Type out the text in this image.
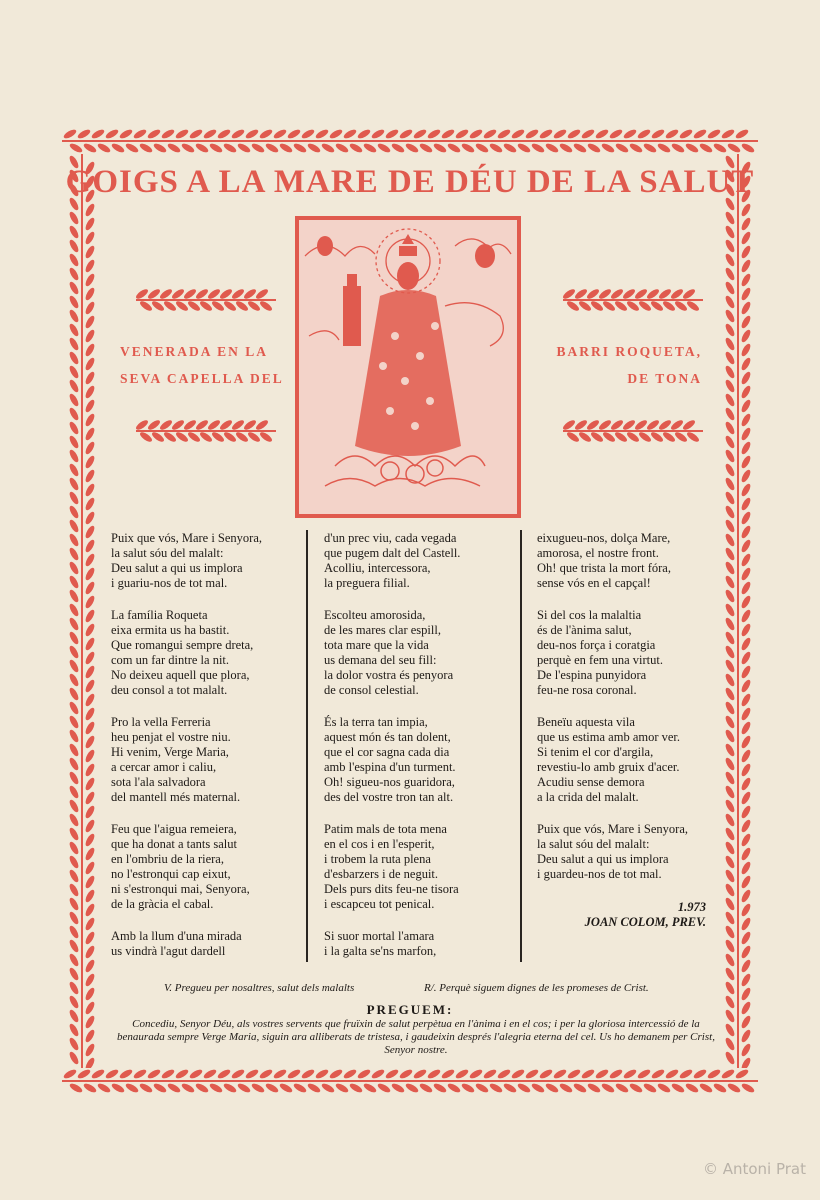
GOIGS A LA MARE DE DÉU DE LA SALUT
VENERADA EN LA
SEVA CAPELLA DEL
BARRI ROQUETA,
DE TONA
Puix que vós, Mare i Senyora,
la salut sóu del malalt:
Deu salut a qui us implora
i guariu-nos de tot mal.
La família Roqueta
eixa ermita us ha bastit.
Que romangui sempre dreta,
com un far dintre la nit.
No deixeu aquell que plora,
deu consol a tot malalt.
Pro la vella Ferreria
heu penjat el vostre niu.
Hi venim, Verge Maria,
a cercar amor i caliu,
sota l'ala salvadora
del mantell més maternal.
Feu que l'aigua remeiera,
que ha donat a tants salut
en l'ombriu de la riera,
no l'estronqui cap eixut,
ni s'estronqui mai, Senyora,
de la gràcia el cabal.
Amb la llum d'una mirada
us vindrà l'agut dardell
d'un prec viu, cada vegada
que pugem dalt del Castell.
Acolliu, intercessora,
la preguera filial.
Escolteu amorosida,
de les mares clar espill,
tota mare que la vida
us demana del seu fill:
la dolor vostra és penyora
de consol celestial.
És la terra tan impia,
aquest món és tan dolent,
que el cor sagna cada dia
amb l'espina d'un turment.
Oh! sigueu-nos guaridora,
des del vostre tron tan alt.
Patim mals de tota mena
en el cos i en l'esperit,
i trobem la ruta plena
d'esbarzers i de neguit.
Dels purs dits feu-ne tisora
i escapceu tot penical.
Si suor mortal l'amara
i la galta se'ns marfon,
eixugueu-nos, dolça Mare,
amorosa, el nostre front.
Oh! que trista la mort fóra,
sense vós en el capçal!
Si del cos la malaltia
és de l'ànima salut,
deu-nos força i coratgia
perquè en fem una virtut.
De l'espina punyidora
feu-ne rosa coronal.
Beneïu aquesta vila
que us estima amb amor ver.
Si tenim el cor d'argila,
revestiu-lo amb gruix d'acer.
Acudiu sense demora
a la crida del malalt.
Puix que vós, Mare i Senyora,
la salut sóu del malalt:
Deu salut a qui us implora
i guardeu-nos de tot mal.
1.973
JOAN COLOM, PREV.
V. Pregueu per nosaltres, salut dels malalts	R/. Perquè siguem dignes de les promeses de Crist.
PREGUEM:
Concediu, Senyor Déu, als vostres servents que fruïxin de salut perpètua en l'ànima i en el cos; i per la gloriosa intercessió de la benaurada sempre Verge Maria, siguin ara alliberats de tristesa, i gaudeixin després l'alegria eterna del cel. Us ho demanem per Crist, Senyor nostre.
© Antoni Prat
